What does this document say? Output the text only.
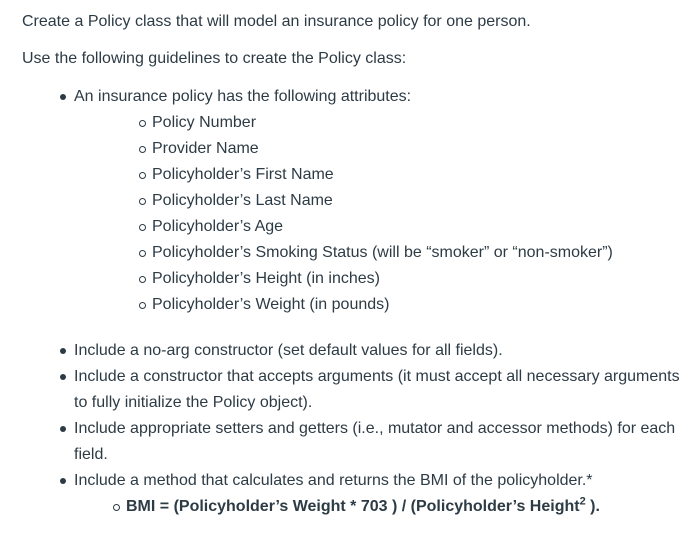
Create a Policy class that will model an insurance policy for one person.

Use the following guidelines to create the Policy class:

An insurance policy has the following attributes:
Policy Number
Provider Name
Policyholder’s First Name
Policyholder’s Last Name
Policyholder’s Age
Policyholder’s Smoking Status (will be “smoker” or “non-smoker”)
Policyholder’s Height (in inches)
Policyholder’s Weight (in pounds)
Include a no-arg constructor (set default values for all fields).
Include a constructor that accepts arguments (it must accept all necessary arguments to fully initialize the Policy object).
Include appropriate setters and getters (i.e., mutator and accessor methods) for each field.
Include a method that calculates and returns the BMI of the policyholder.*
BMI = (Policyholder’s Weight * 703 ) / (Policyholder’s Height$^2$ ).
